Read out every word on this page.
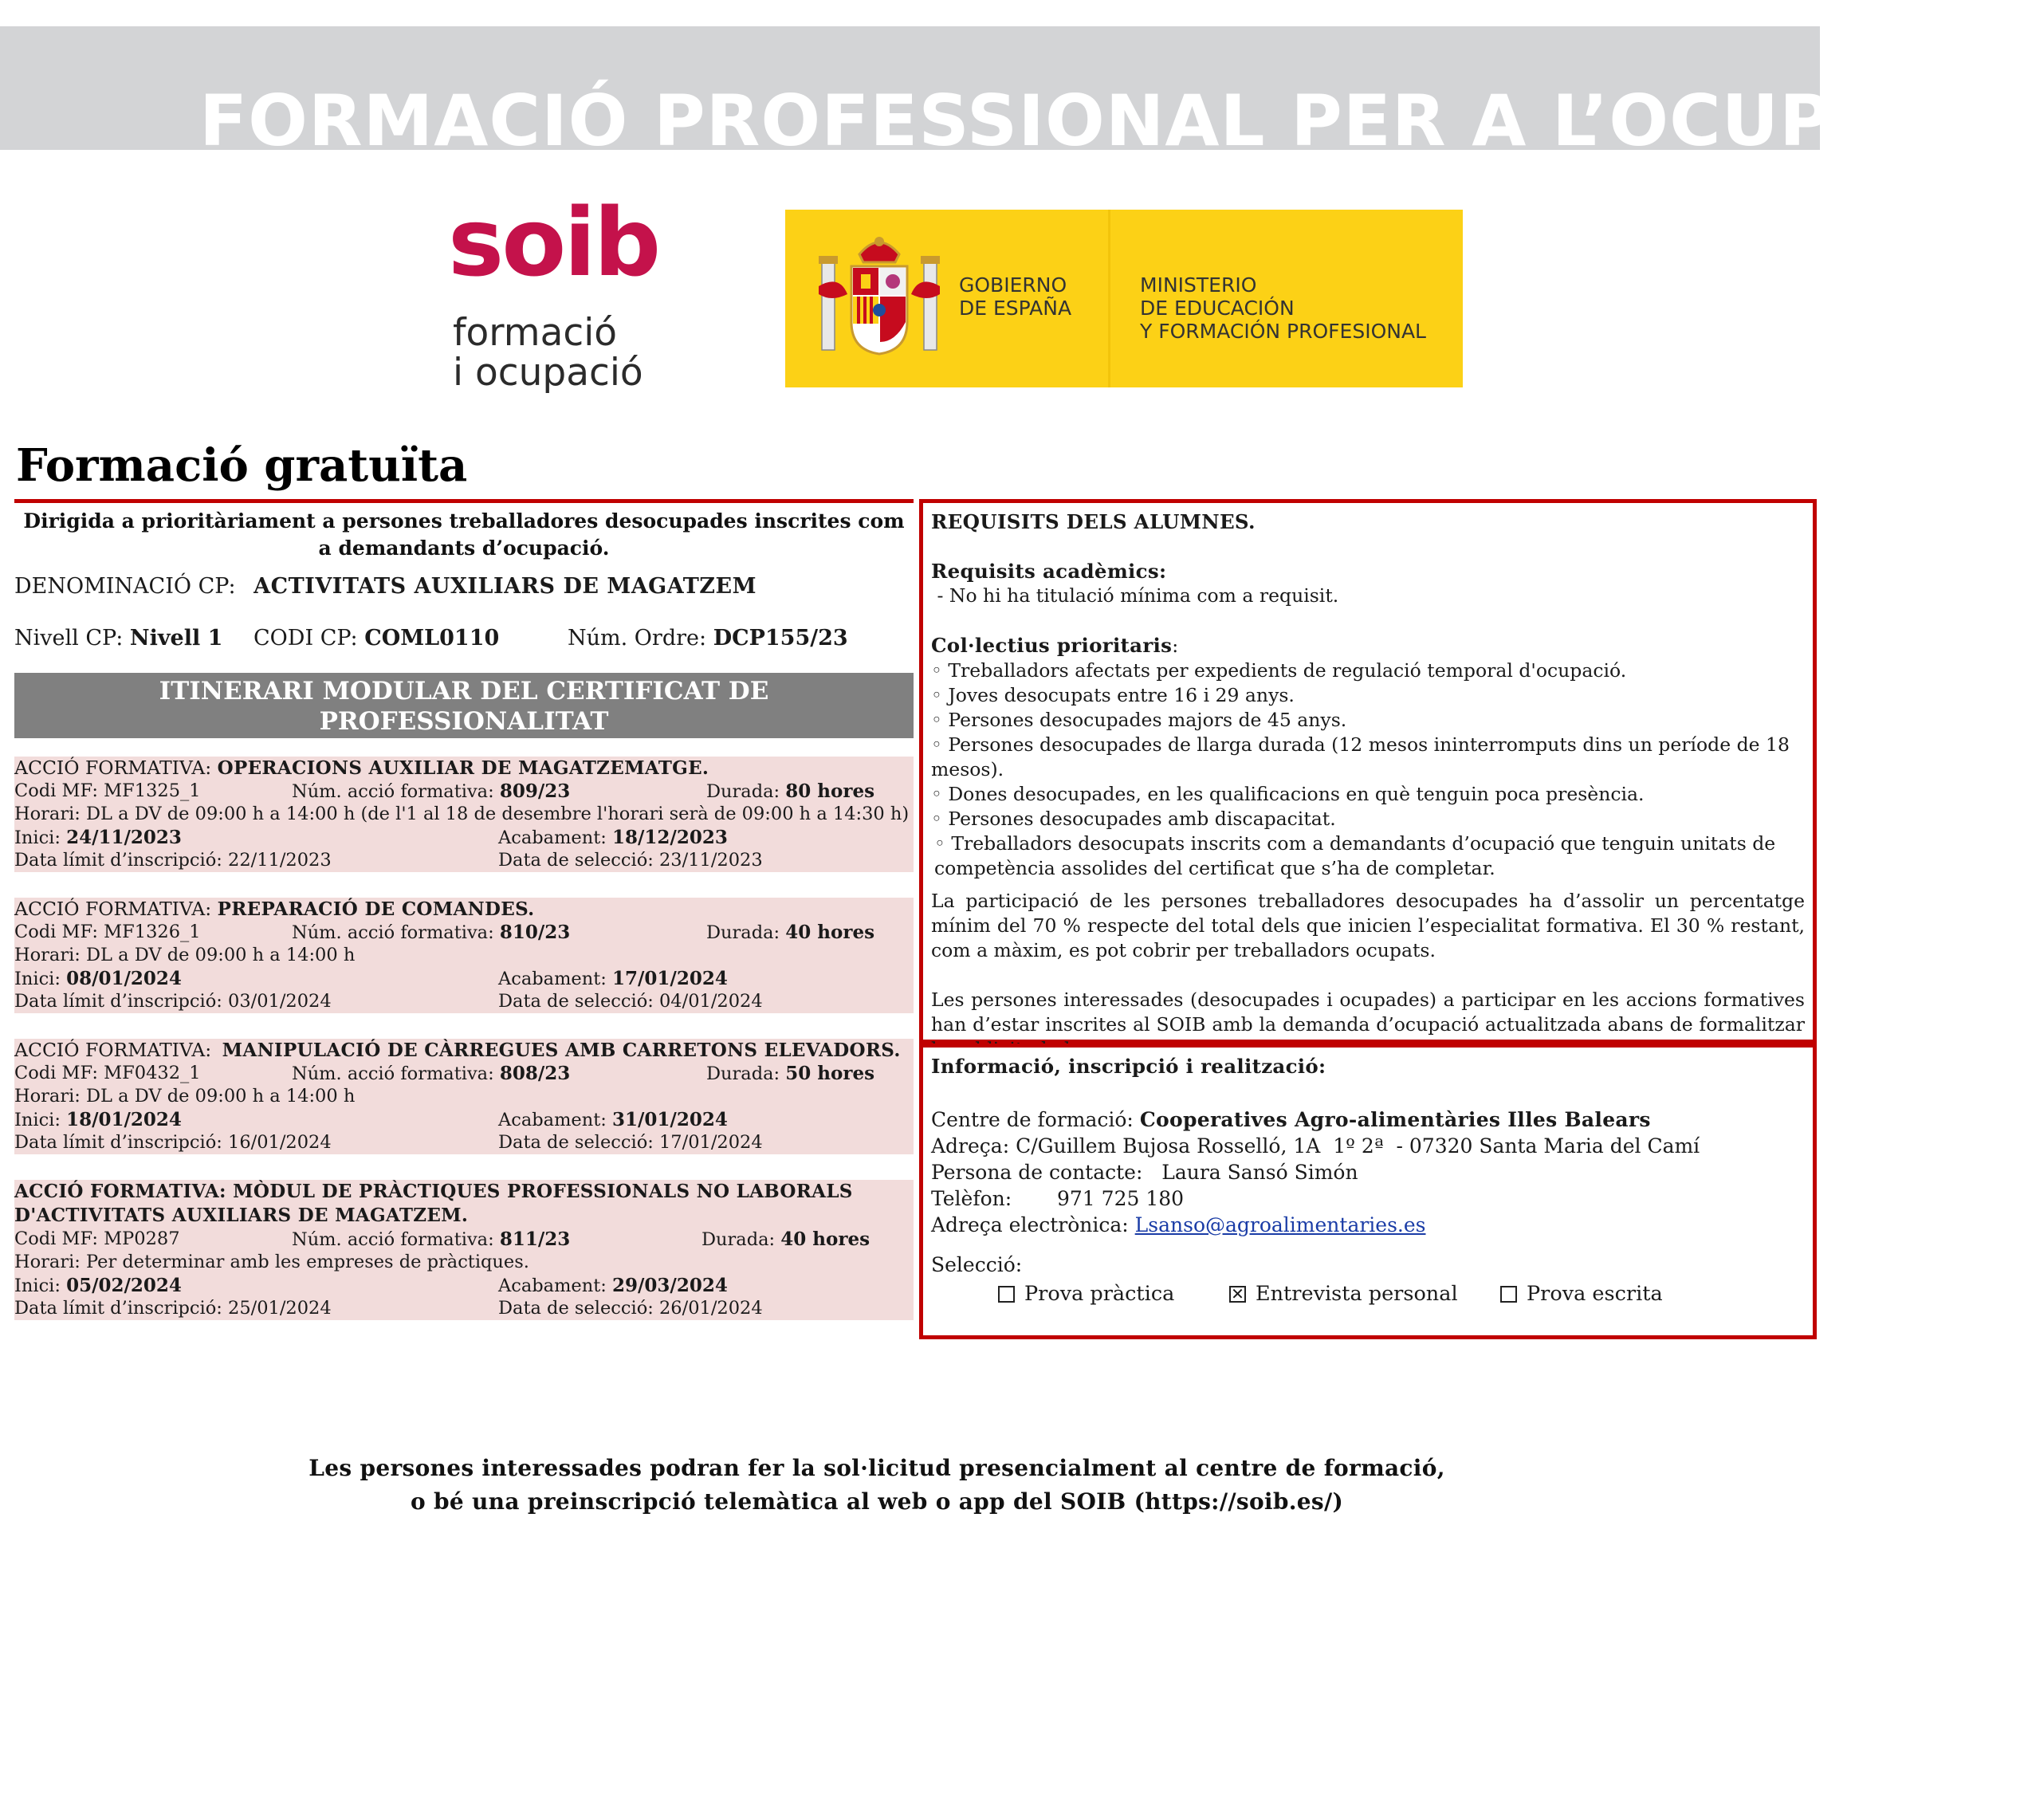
FORMACIÓ PROFESSIONAL PER A L’OCUPACIÓ
soib
formació
i ocupació
GOBIERNO
DE ESPAÑA
MINISTERIO
DE EDUCACIÓN
Y FORMACIÓN PROFESIONAL
Formació gratuïta
Dirigida a prioritàriament a persones treballadores desocupades inscrites com a demandants d’ocupació.
DENOMINACIÓ CP: ACTIVITATS AUXILIARS DE MAGATZEM
Nivell CP: Nivell 1 CODI CP: COML0110	Núm. Ordre: DCP155/23
ITINERARI MODULAR DEL CERTIFICAT DE PROFESSIONALITAT
ACCIÓ FORMATIVA: OPERACIONS AUXILIAR DE MAGATZEMATGE.
Codi MF: MF1325_1	Núm. acció formativa: 809/23	Durada: 80 hores
Horari: DL a DV de 09:00 h a 14:00 h (de l'1 al 18 de desembre l'horari serà de 09:00 h a 14:30 h)
Inici: 24/11/2023	Acabament: 18/12/2023
Data límit d’inscripció: 22/11/2023	Data de selecció: 23/11/2023
ACCIÓ FORMATIVA: PREPARACIÓ DE COMANDES.
Codi MF: MF1326_1	Núm. acció formativa: 810/23	Durada: 40 hores
Horari: DL a DV de 09:00 h a 14:00 h
Inici: 08/01/2024	Acabament: 17/01/2024
Data límit d’inscripció: 03/01/2024	Data de selecció: 04/01/2024
ACCIÓ FORMATIVA: MANIPULACIÓ DE CÀRREGUES AMB CARRETONS ELEVADORS.
Codi MF: MF0432_1	Núm. acció formativa: 808/23	Durada: 50 hores
Horari: DL a DV de 09:00 h a 14:00 h
Inici: 18/01/2024	Acabament: 31/01/2024
Data límit d’inscripció: 16/01/2024	Data de selecció: 17/01/2024
ACCIÓ FORMATIVA: MÒDUL DE PRÀCTIQUES PROFESSIONALS NO LABORALS D'ACTIVITATS AUXILIARS DE MAGATZEM.
Codi MF: MP0287	Núm. acció formativa: 811/23	Durada: 40 hores
Horari: Per determinar amb les empreses de pràctiques.
Inici: 05/02/2024	Acabament: 29/03/2024
Data límit d’inscripció: 25/01/2024	Data de selecció: 26/01/2024
REQUISITS DELS ALUMNES.
Requisits acadèmics:
- No hi ha titulació mínima com a requisit.
Col·lectius prioritaris:
◦ Treballadors afectats per expedients de regulació temporal d'ocupació.
◦ Joves desocupats entre 16 i 29 anys.
◦ Persones desocupades majors de 45 anys.
◦ Persones desocupades de llarga durada (12 mesos ininterromputs dins un període de 18 mesos).
◦ Dones desocupades, en les qualificacions en què tenguin poca presència.
◦ Persones desocupades amb discapacitat.
◦ Treballadors desocupats inscrits com a demandants d’ocupació que tenguin unitats de competència assolides del certificat que s’ha de completar.
La participació de les persones treballadores desocupades ha d’assolir un percentatge mínim del 70 % respecte del total dels que inicien l’especialitat formativa. El 30 % restant, com a màxim, es pot cobrir per treballadors ocupats.
Les persones interessades (desocupades i ocupades) a participar en les accions formatives han d’estar inscrites al SOIB amb la demanda d’ocupació actualitzada abans de formalitzar
Informació, inscripció i realització:
Centre de formació: Cooperatives Agro-alimentàries Illes Balears
Adreça: C/Guillem Bujosa Rosselló, 1A  1º 2ª  - 07320 Santa Maria del Camí
Persona de contacte:   Laura Sansó Simón
Telèfon: 971 725 180
Adreça electrònica: Lsanso@agroalimentaries.es
Selecció:
Prova pràctica	✕ Entrevista personal	Prova escrita
Les persones interessades podran fer la sol·licitud presencialment al centre de formació, o bé una preinscripció telemàtica al web o app del SOIB (https://soib.es/)
